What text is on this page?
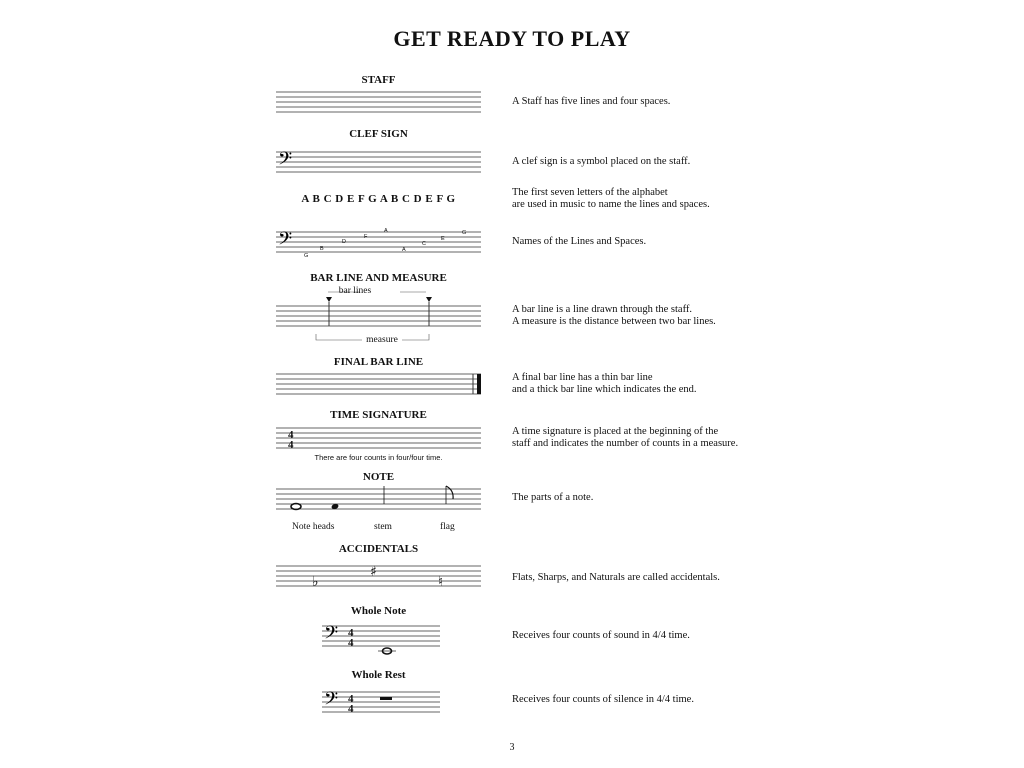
GET READY TO PLAY
STAFF
A Staff has five lines and four spaces.
CLEF SIGN
𝄢	A clef sign is a symbol placed on the staff.
A B C D E F G A B C D E F G
The first seven letters of the alphabet
are used in music to name the lines and spaces.
𝄢
G
B
D
F
A
A
C
E
G
Names of the Lines and Spaces.
BAR LINE AND MEASURE
bar lines
measure
A bar line is a line drawn through the staff.
A measure is the distance between two bar lines.
FINAL BAR LINE
A final bar line has a thin bar line
and a thick bar line which indicates the end.
TIME SIGNATURE
4
4
There are four counts in four/four time.
A time signature is placed at the beginning of the
staff and indicates the number of counts in a measure.
NOTE
Note heads	stem	flag
The parts of a note.
ACCIDENTALS
♭
♯
♮	Flats, Sharps, and Naturals are called accidentals.
Whole Note
𝄢 4
4
Receives four counts of sound in 4/4 time.
Whole Rest
𝄢 4
4
Receives four counts of silence in 4/4 time.
3
